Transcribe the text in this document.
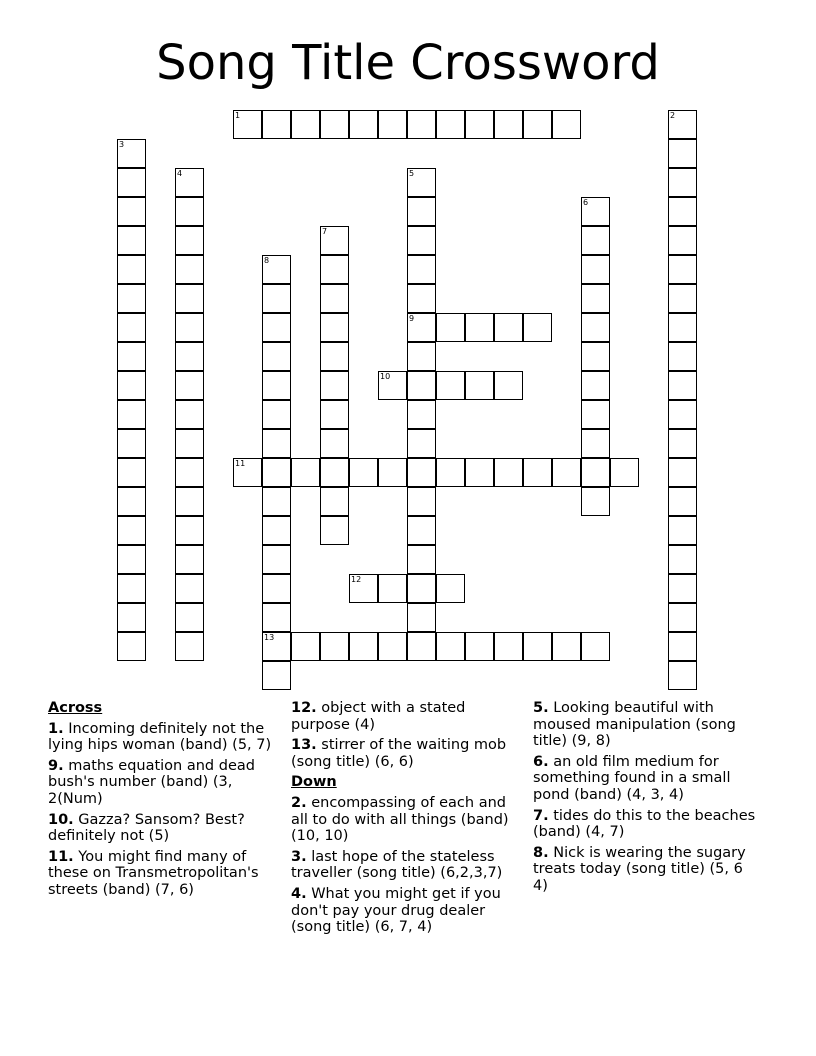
Song Title Crossword
1	2
3
4	5
9
6
7
8
13
10
11
12
Across
1. Incoming definitely not the lying hips woman (band) (5, 7)
9. maths equation and dead bush's number (band) (3, 2(Num)
10. Gazza? Sansom? Best? definitely not (5)
11. You might find many of these on Transmetropolitan's streets (band) (7, 6)
12. object with a stated purpose (4)
13. stirrer of the waiting mob (song title) (6, 6)
Down
2. encompassing of each and all to do with all things (band) (10, 10)
3. last hope of the stateless traveller (song title) (6,2,3,7)
4. What you might get if you don't pay your drug dealer (song title) (6, 7, 4)
5. Looking beautiful with moused manipulation (song title) (9, 8)
6. an old film medium for something found in a small pond (band) (4, 3, 4)
7. tides do this to the beaches (band) (4, 7)
8. Nick is wearing the sugary treats today (song title) (5, 6 4)
